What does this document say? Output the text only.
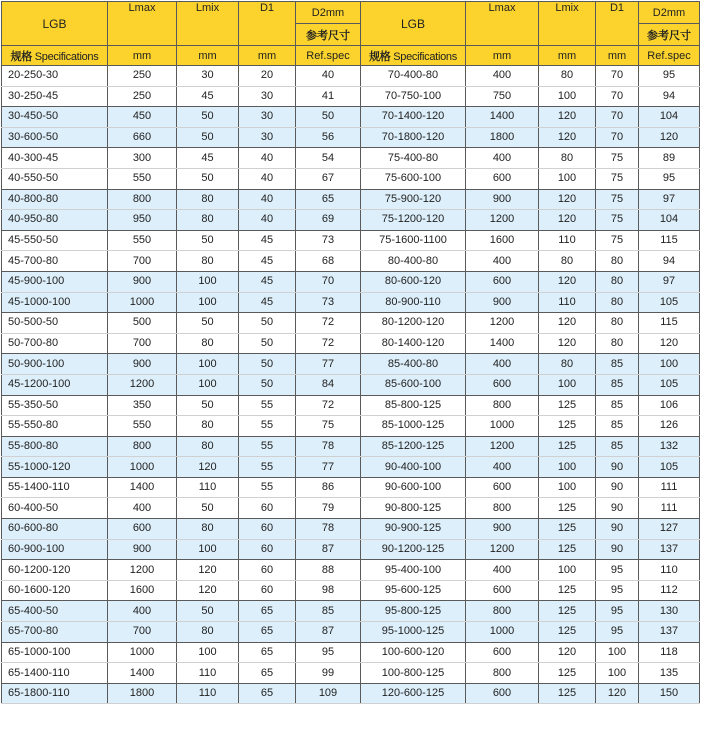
LGB	Lmax	Lmix	D1	D2mm	LGB	Lmax	Lmix	D1	D2mm
				参考尺寸					参考尺寸
规格 Specifications	mm	mm	mm	Ref.spec	规格 Specifications	mm	mm	mm	Ref.spec
20-250-30	250	30	20	40	70-400-80	400	80	70	95
30-250-45	250	45	30	41	70-750-100	750	100	70	94
30-450-50	450	50	30	50	70-1400-120	1400	120	70	104
30-600-50	660	50	30	56	70-1800-120	1800	120	70	120
40-300-45	300	45	40	54	75-400-80	400	80	75	89
40-550-50	550	50	40	67	75-600-100	600	100	75	95
40-800-80	800	80	40	65	75-900-120	900	120	75	97
40-950-80	950	80	40	69	75-1200-120	1200	120	75	104
45-550-50	550	50	45	73	75-1600-1100	1600	110	75	115
45-700-80	700	80	45	68	80-400-80	400	80	80	94
45-900-100	900	100	45	70	80-600-120	600	120	80	97
45-1000-100	1000	100	45	73	80-900-110	900	110	80	105
50-500-50	500	50	50	72	80-1200-120	1200	120	80	115
50-700-80	700	80	50	72	80-1400-120	1400	120	80	120
50-900-100	900	100	50	77	85-400-80	400	80	85	100
45-1200-100	1200	100	50	84	85-600-100	600	100	85	105
55-350-50	350	50	55	72	85-800-125	800	125	85	106
55-550-80	550	80	55	75	85-1000-125	1000	125	85	126
55-800-80	800	80	55	78	85-1200-125	1200	125	85	132
55-1000-120	1000	120	55	77	90-400-100	400	100	90	105
55-1400-110	1400	110	55	86	90-600-100	600	100	90	111
60-400-50	400	50	60	79	90-800-125	800	125	90	111
60-600-80	600	80	60	78	90-900-125	900	125	90	127
60-900-100	900	100	60	87	90-1200-125	1200	125	90	137
60-1200-120	1200	120	60	88	95-400-100	400	100	95	110
60-1600-120	1600	120	60	98	95-600-125	600	125	95	112
65-400-50	400	50	65	85	95-800-125	800	125	95	130
65-700-80	700	80	65	87	95-1000-125	1000	125	95	137
65-1000-100	1000	100	65	95	100-600-120	600	120	100	118
65-1400-110	1400	110	65	99	100-800-125	800	125	100	135
65-1800-110	1800	110	65	109	120-600-125	600	125	120	150
